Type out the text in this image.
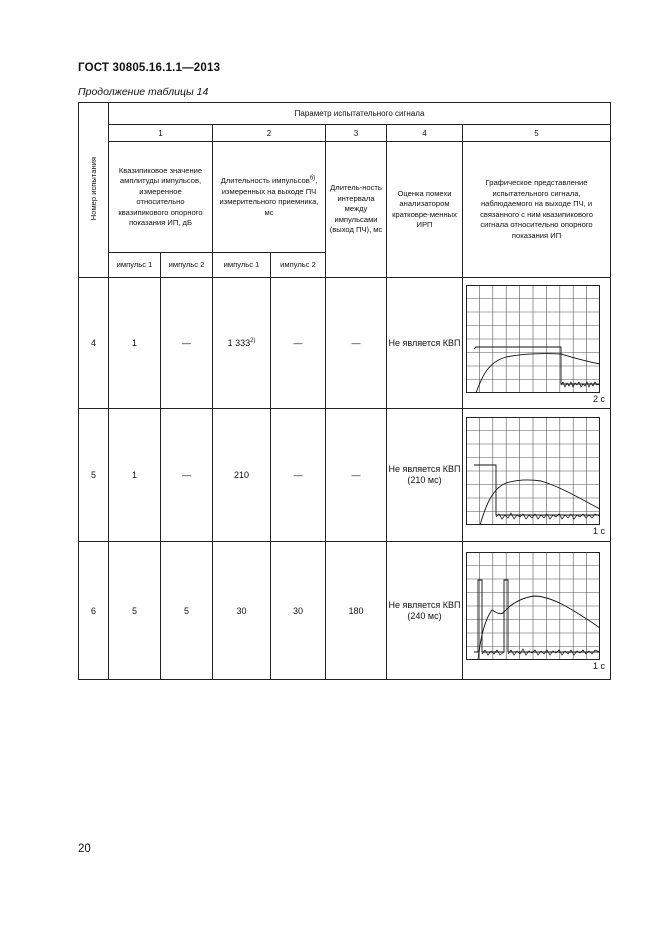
ГОСТ 30805.16.1.1—2013
Продолжение таблицы 14
Номер испытания	Параметр испытательного сигнала						
	1		2		3	4	5
	Квазипиковое значение амплитуды импульсов, измеренное относительно квазипикового опорного показания ИП, дБ		Длительность импульсов$^{б)}$, измеренных на выходе ПЧ измерительного приемника, мс		Длитель-ность интервала между импульсами (выход ПЧ), мс	Оценка помехи анализатором кратковре-менных ИРП	Графическое представление испытательного сигнала, наблюдаемого на выходе ПЧ, и связанного с ним квазипикового сигнала относительно опорного показания ИП
	импульс 1	импульс 2	импульс 1	импульс 2			
4	1	—	1 333$^{2)}$	—	—	Не является КВП	2 с

5	1	—	210	—	—	Не является КВП (210 мс)	1 с

6	5	5	30	30	180	Не является КВП (240 мс)	1 с
20
